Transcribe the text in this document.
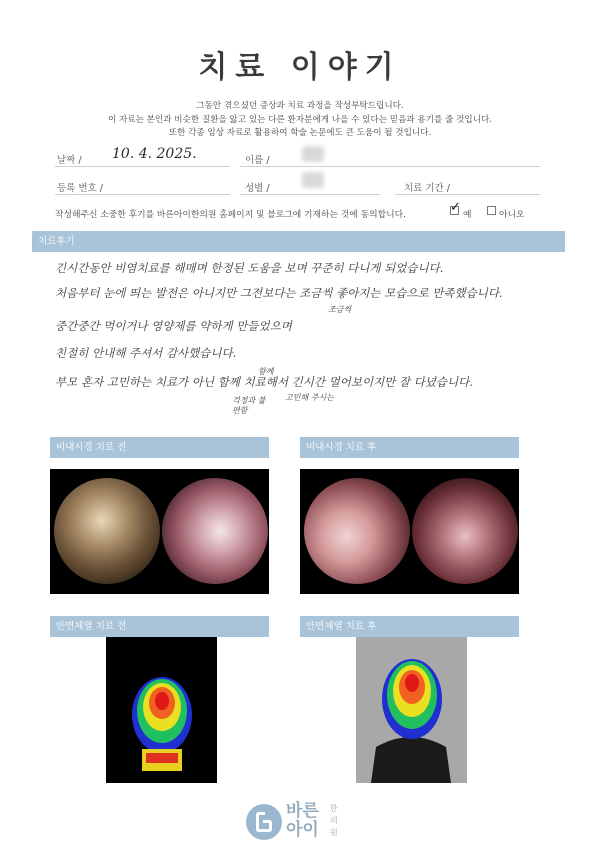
치료 이야기
그동안 겪으셨던 증상과 치료 과정을 작성부탁드립니다.
이 자료는 본인과 비슷한 질환을 앓고 있는 다른 환자분에게 나을 수 있다는 믿음과 용기를 줄 것입니다.
또한 각종 임상 자료로 활용하여 학술 논문에도 큰 도움이 될 것입니다.
날짜 / 10. 4. 2025.	이름 /
등록 번호 /	성별 /	치료 기간 /
작성해주신 소중한 후기를 바른아이한의원 홈페이지 및 블로그에 기재하는 것에 동의합니다.	✓ 예	아니오
치료후기
긴시간동안 비염치료를 해매며 한정된 도움을 보며 꾸준히 다니게 되었습니다.
처음부터 눈에 띄는 발전은 아니지만 그전보다는 조금씩 좋아지는 모습으로 만족했습니다.
조금씩
중간중간 먹이거나 영양제를 약하게 만들었으며
친절히 안내해 주셔서 감사했습니다.
부모 혼자 고민하는 치료가 아닌 함께 치료해서 긴시간 멀어보이지만 잘 다녔습니다.
함께
고민해 주시는
걱정과 불편함
비내시경 치료 전	비내시경 치료 후
안면체열 치료 전	안면체열 치료 후
바른
아이
한의원
